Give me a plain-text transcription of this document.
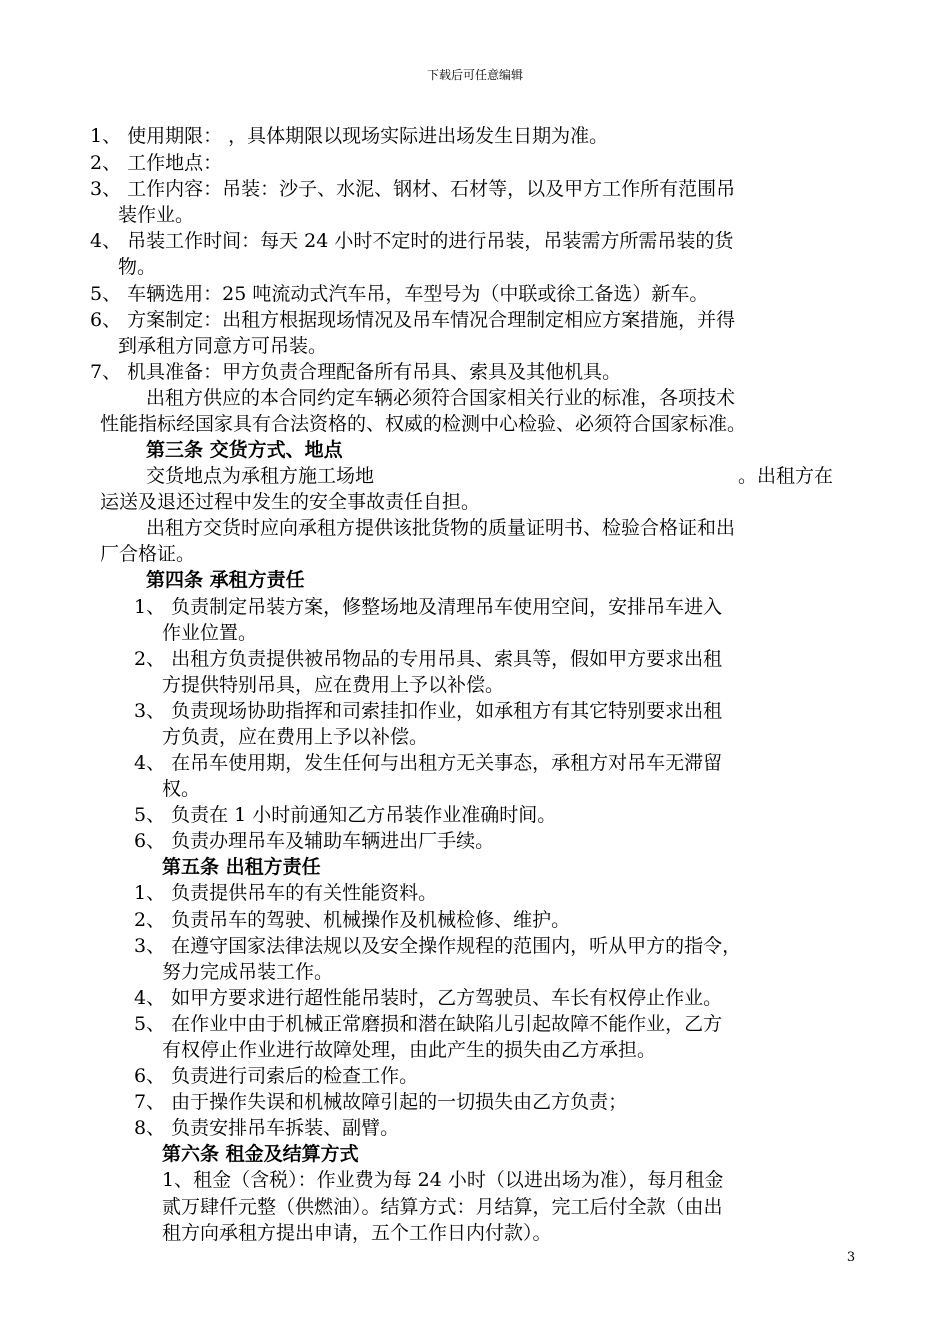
下载后可任意编辑
1、 使用期限： ，具体期限以现场实际进出场发生日期为准。
2、 工作地点：
3、 工作内容：吊装：沙子、水泥、钢材、石材等，以及甲方工作所有范围吊
装作业。
4、 吊装工作时间：每天 24 小时不定时的进行吊装，吊装需方所需吊装的货
物。
5、 车辆选用：25 吨流动式汽车吊，车型号为（中联或徐工备选）新车。
6、 方案制定：出租方根据现场情况及吊车情况合理制定相应方案措施，并得
到承租方同意方可吊装。
7、 机具准备：甲方负责合理配备所有吊具、索具及其他机具。
出租方供应的本合同约定车辆必须符合国家相关行业的标准，各项技术
性能指标经国家具有合法资格的、权威的检测中心检验、必须符合国家标准。
第三条 交货方式、地点
交货地点为承租方施工场地	。出租方在
运送及退还过程中发生的安全事故责任自担。
出租方交货时应向承租方提供该批货物的质量证明书、检验合格证和出
厂合格证。
第四条 承租方责任
1、 负责制定吊装方案，修整场地及清理吊车使用空间，安排吊车进入
作业位置。
2、 出租方负责提供被吊物品的专用吊具、索具等，假如甲方要求出租
方提供特别吊具，应在费用上予以补偿。
3、 负责现场协助指挥和司索挂扣作业，如承租方有其它特别要求出租
方负责，应在费用上予以补偿。
4、 在吊车使用期，发生任何与出租方无关事态，承租方对吊车无滞留
权。
5、 负责在 1 小时前通知乙方吊装作业准确时间。
6、 负责办理吊车及辅助车辆进出厂手续。
第五条 出租方责任
1、 负责提供吊车的有关性能资料。
2、 负责吊车的驾驶、机械操作及机械检修、维护。
3、 在遵守国家法律法规以及安全操作规程的范围内，听从甲方的指令，
努力完成吊装工作。
4、 如甲方要求进行超性能吊装时，乙方驾驶员、车长有权停止作业。
5、 在作业中由于机械正常磨损和潜在缺陷儿引起故障不能作业，乙方
有权停止作业进行故障处理，由此产生的损失由乙方承担。
6、 负责进行司索后的检查工作。
7、 由于操作失误和机械故障引起的一切损失由乙方负责；
8、 负责安排吊车拆装、副臂。
第六条 租金及结算方式
1、租金（含税）：作业费为每 24 小时（以进出场为准），每月租金
贰万肆仟元整（供燃油）。结算方式：月结算，完工后付全款（由出
租方向承租方提出申请，五个工作日内付款）。
3
